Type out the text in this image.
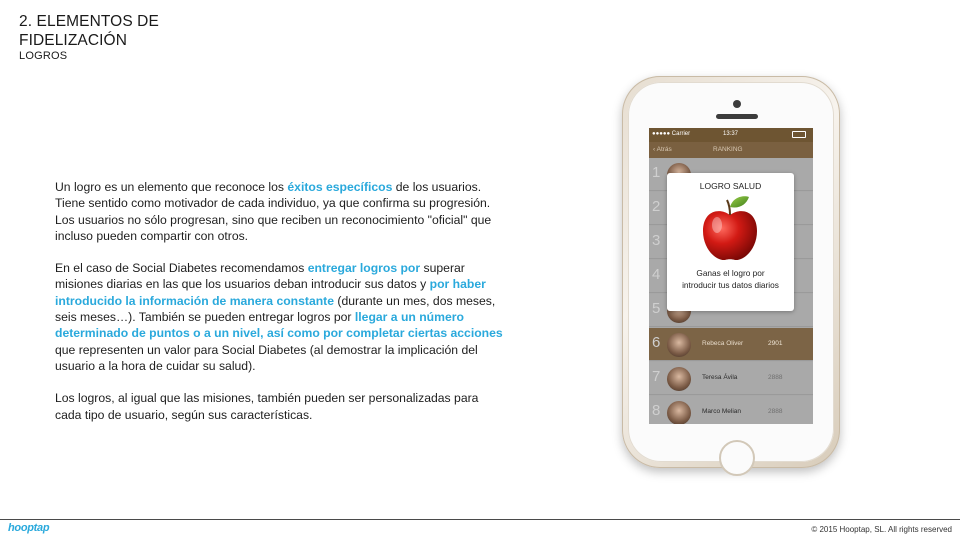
2. ELEMENTOS DE FIDELIZACIÓN
LOGROS

Un logro es un elemento que reconoce los éxitos específicos de los usuarios. Tiene sentido como motivador de cada individuo, ya que confirma su progresión. Los usuarios no sólo progresan, sino que reciben un reconocimiento "oficial" que incluso pueden compartir con otros.

En el caso de Social Diabetes recomendamos entregar logros por superar misiones diarias en las que los usuarios deban introducir sus datos y por haber introducido la información de manera constante (durante un mes, dos meses, seis meses…). También se pueden entregar logros por llegar a un número determinado de puntos o a un nivel, así como por completar ciertas acciones que representen un valor para Social Diabetes (al demostrar la implicación del usuario a la hora de cuidar su salud).

Los logros, al igual que las misiones, también pueden ser personalizadas para cada tipo de usuario, según sus características.

●●●●● Carrier	13:37
‹ Atrás	RANKING
1
2
3
4
5
6	Rebeca Oliver	2901
7	Teresa Ávila	2888
8	Marco Melian	2888
LOGRO SALUD
Ganas el logro por introducir tus datos diarios
hooptap	© 2015 Hooptap, SL. All rights reserved
